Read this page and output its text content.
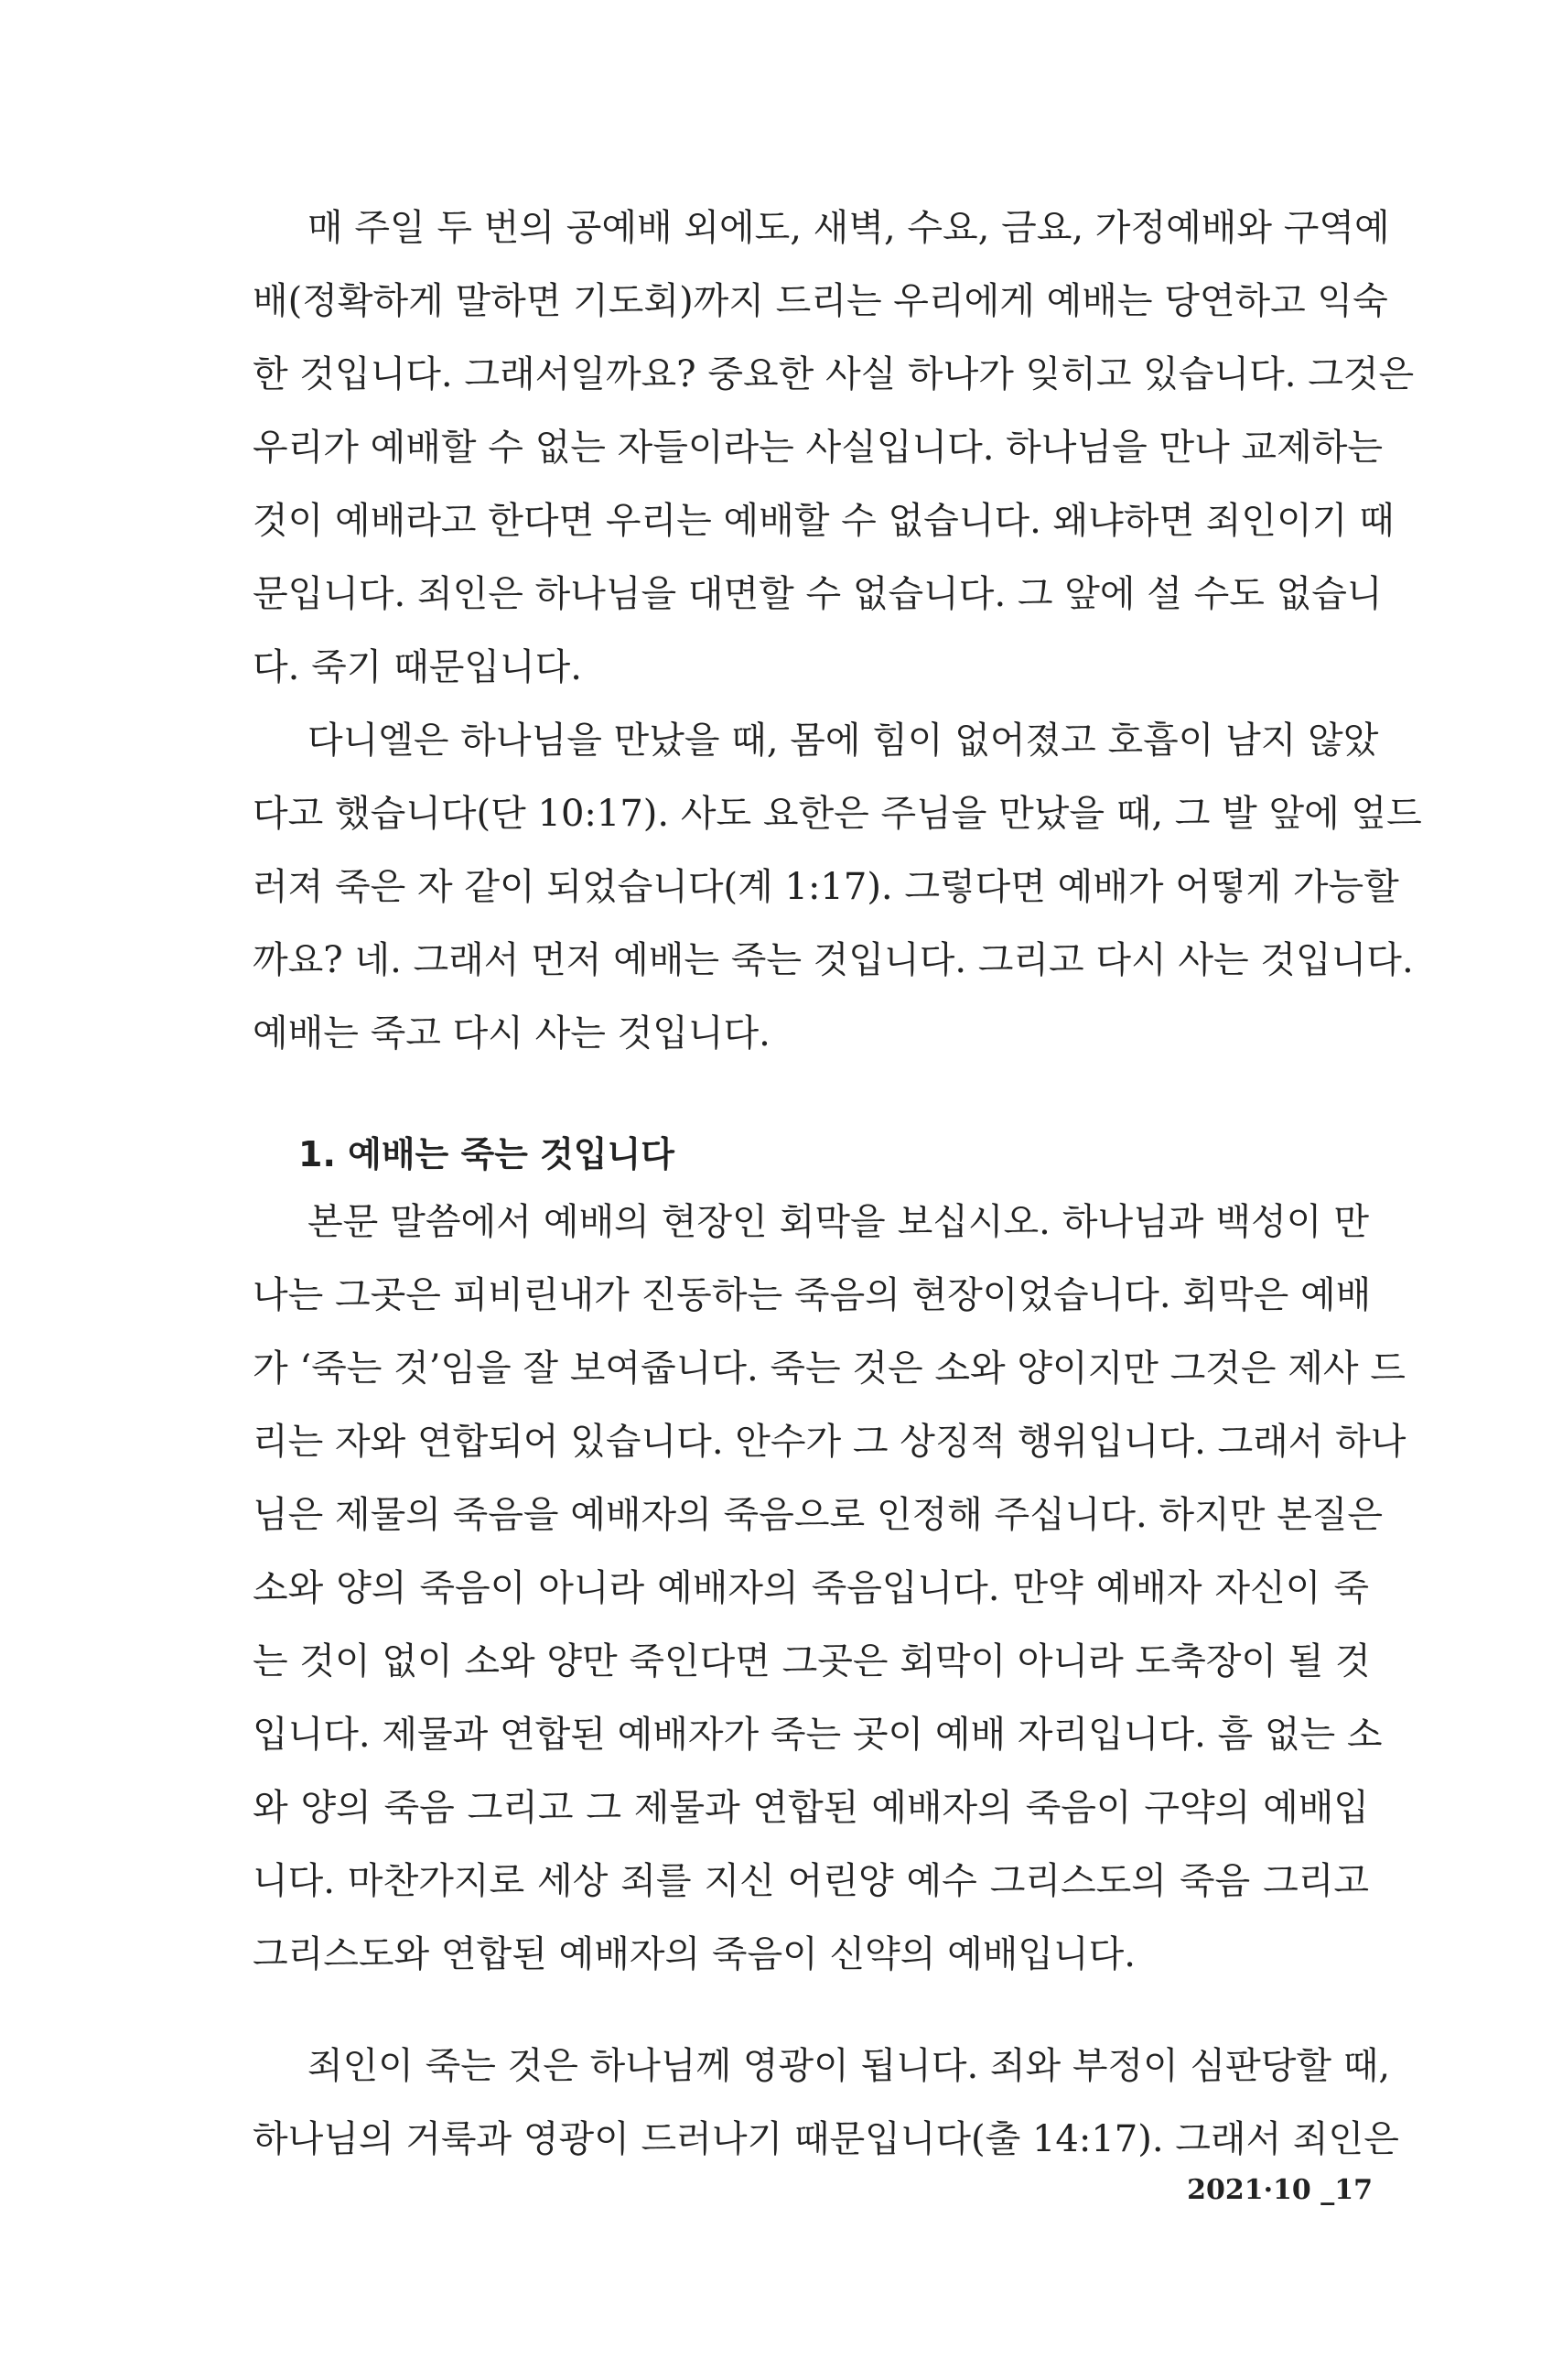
매 주일 두 번의 공예배 외에도, 새벽, 수요, 금요, 가정예배와 구역예
배(정확하게 말하면 기도회)까지 드리는 우리에게 예배는 당연하고 익숙
한 것입니다. 그래서일까요? 중요한 사실 하나가 잊히고 있습니다. 그것은
우리가 예배할 수 없는 자들이라는 사실입니다. 하나님을 만나 교제하는
것이 예배라고 한다면 우리는 예배할 수 없습니다. 왜냐하면 죄인이기 때
문입니다. 죄인은 하나님을 대면할 수 없습니다. 그 앞에 설 수도 없습니
다. 죽기 때문입니다.
다니엘은 하나님을 만났을 때, 몸에 힘이 없어졌고 호흡이 남지 않았
다고 했습니다(단 10:17). 사도 요한은 주님을 만났을 때, 그 발 앞에 엎드
러져 죽은 자 같이 되었습니다(계 1:17). 그렇다면 예배가 어떻게 가능할
까요? 네. 그래서 먼저 예배는 죽는 것입니다. 그리고 다시 사는 것입니다.
예배는 죽고 다시 사는 것입니다.
1. 예배는 죽는 것입니다
본문 말씀에서 예배의 현장인 회막을 보십시오. 하나님과 백성이 만
나는 그곳은 피비린내가 진동하는 죽음의 현장이었습니다. 회막은 예배
가 ‘죽는 것’임을 잘 보여줍니다. 죽는 것은 소와 양이지만 그것은 제사 드
리는 자와 연합되어 있습니다. 안수가 그 상징적 행위입니다. 그래서 하나
님은 제물의 죽음을 예배자의 죽음으로 인정해 주십니다. 하지만 본질은
소와 양의 죽음이 아니라 예배자의 죽음입니다. 만약 예배자 자신이 죽
는 것이 없이 소와 양만 죽인다면 그곳은 회막이 아니라 도축장이 될 것
입니다. 제물과 연합된 예배자가 죽는 곳이 예배 자리입니다. 흠 없는 소
와 양의 죽음 그리고 그 제물과 연합된 예배자의 죽음이 구약의 예배입
니다. 마찬가지로 세상 죄를 지신 어린양 예수 그리스도의 죽음 그리고
그리스도와 연합된 예배자의 죽음이 신약의 예배입니다.
죄인이 죽는 것은 하나님께 영광이 됩니다. 죄와 부정이 심판당할 때,
하나님의 거룩과 영광이 드러나기 때문입니다(출 14:17). 그래서 죄인은
2021·10 _17
